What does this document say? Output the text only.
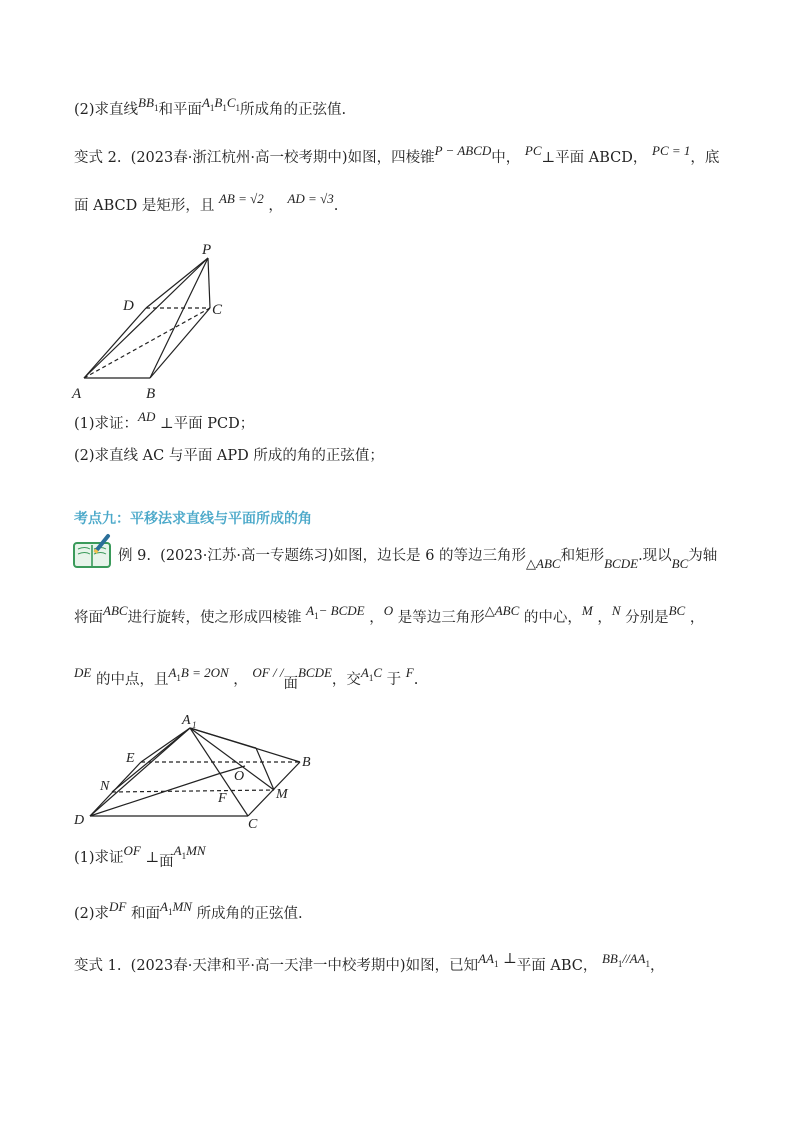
(2)求直线$BB_1$和平面$A_1B_1C_1$所成角的正弦值.
变式 2.  (2023春·浙江杭州·高一校考期中)如图，四棱锥P − ABCD中， PC⊥平面 ABCD， PC = 1，底
面 ABCD 是矩形，且 AB = √2 ， AD = √3.
P
D	C
A	B
(1)求证：AD ⊥平面 PCD；
(2)求直线 AC 与平面 APD 所成的角的正弦值；
考点九：平移法求直线与平面所成的角
例 9.  (2023·江苏·高一专题练习)如图，边长是 6 的等边三角形△ABC和矩形BCDE.现以BC为轴
将面ABC进行旋转，使之形成四棱锥 $A_1-$ BCDE ，O 是等边三角形△ABC 的中心，M ，N 分别是BC ，
DE 的中点，且$A_1B = 2ON$ ， OF / /面BCDE，交$A_1C$ 于 F.
A 1
E	B
O
N
F	M
D	C
(1)求证OF ⊥面$A_1MN$
(2)求DF 和面$A_1MN$ 所成角的正弦值.
变式 1.  (2023春·天津和平·高一天津一中校考期中)如图，已知$AA_1$ ⊥平面 ABC， $BB_1//AA_1$，
